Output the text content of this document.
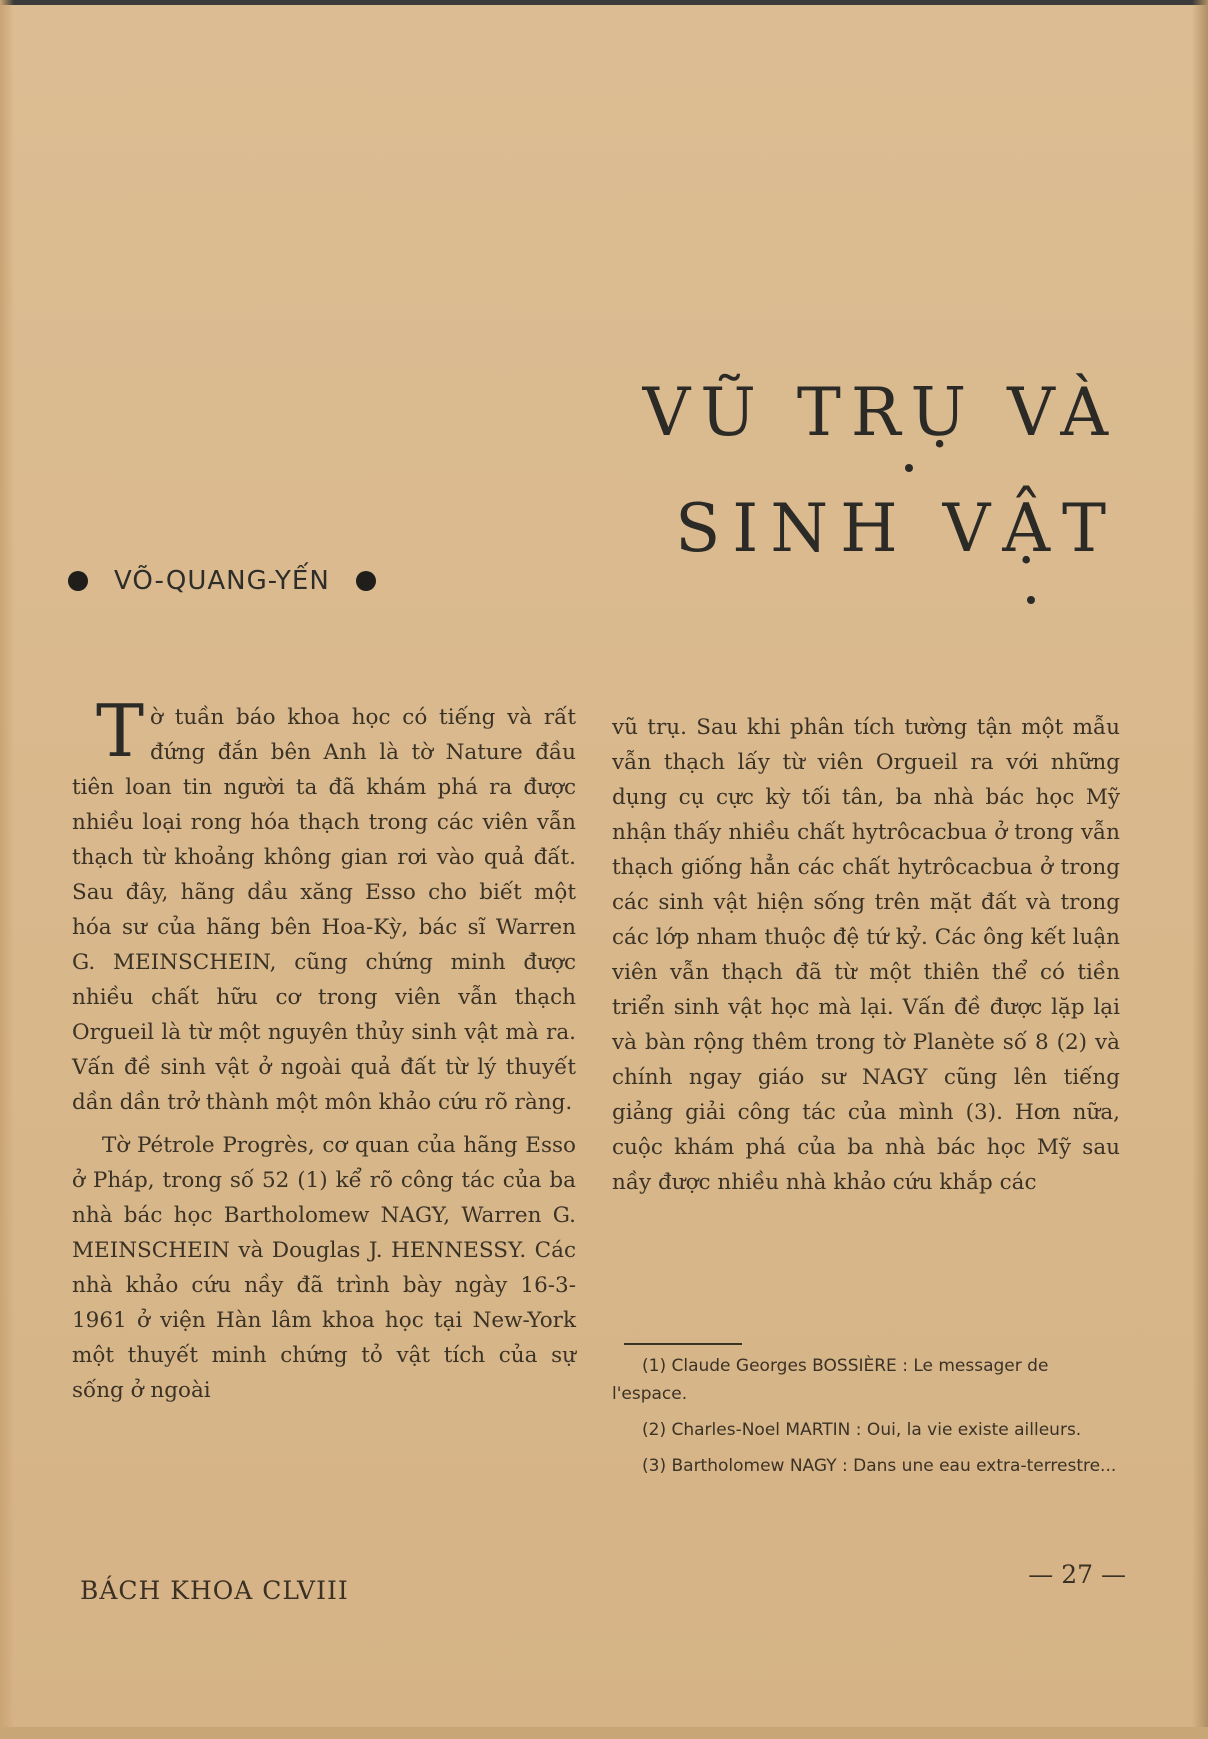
VŨ TRỤ VÀ
SINH VẬT
VÕ-QUANG-YẾN

Tờ tuần báo khoa học có tiếng và rất đứng đắn bên Anh là tờ Nature đầu tiên loan tin người ta đã khám phá ra được nhiều loại rong hóa thạch trong các viên vẫn thạch từ khoảng không gian rơi vào quả đất. Sau đây, hãng dầu xăng Esso cho biết một hóa sư của hãng bên Hoa-Kỳ, bác sĩ Warren G. MEINSCHEIN, cũng chứng minh được nhiều chất hữu cơ trong viên vẫn thạch Orgueil là từ một nguyên thủy sinh vật mà ra. Vấn đề sinh vật ở ngoài quả đất từ lý thuyết dần dần trở thành một môn khảo cứu rõ ràng.

Tờ Pétrole Progrès, cơ quan của hãng Esso ở Pháp, trong số 52 (1) kể rõ công tác của ba nhà bác học Bartholomew NAGY, Warren G. MEINSCHEIN và Douglas J. HENNESSY. Các nhà khảo cứu nầy đã trình bày ngày 16-3-1961 ở viện Hàn lâm khoa học tại New-York một thuyết minh chứng tỏ vật tích của sự sống ở ngoài

vũ trụ. Sau khi phân tích tường tận một mẫu vẫn thạch lấy từ viên Orgueil ra với những dụng cụ cực kỳ tối tân, ba nhà bác học Mỹ nhận thấy nhiều chất hytrôcacbua ở trong vẫn thạch giống hẳn các chất hytrôcacbua ở trong các sinh vật hiện sống trên mặt đất và trong các lớp nham thuộc đệ tứ kỷ. Các ông kết luận viên vẫn thạch đã từ một thiên thể có tiền triển sinh vật học mà lại. Vấn đề được lặp lại và bàn rộng thêm trong tờ Planète số 8 (2) và chính ngay giáo sư NAGY cũng lên tiếng giảng giải công tác của mình (3). Hơn nữa, cuộc khám phá của ba nhà bác học Mỹ sau nầy được nhiều nhà khảo cứu khắp các

(1) Claude Georges BOSSIÈRE : Le messager de l'espace.

(2) Charles-Noel MARTIN : Oui, la vie existe ailleurs.

(3) Bartholomew NAGY : Dans une eau extra-terrestre...

BÁCH KHOA CLVIII
— 27 —
